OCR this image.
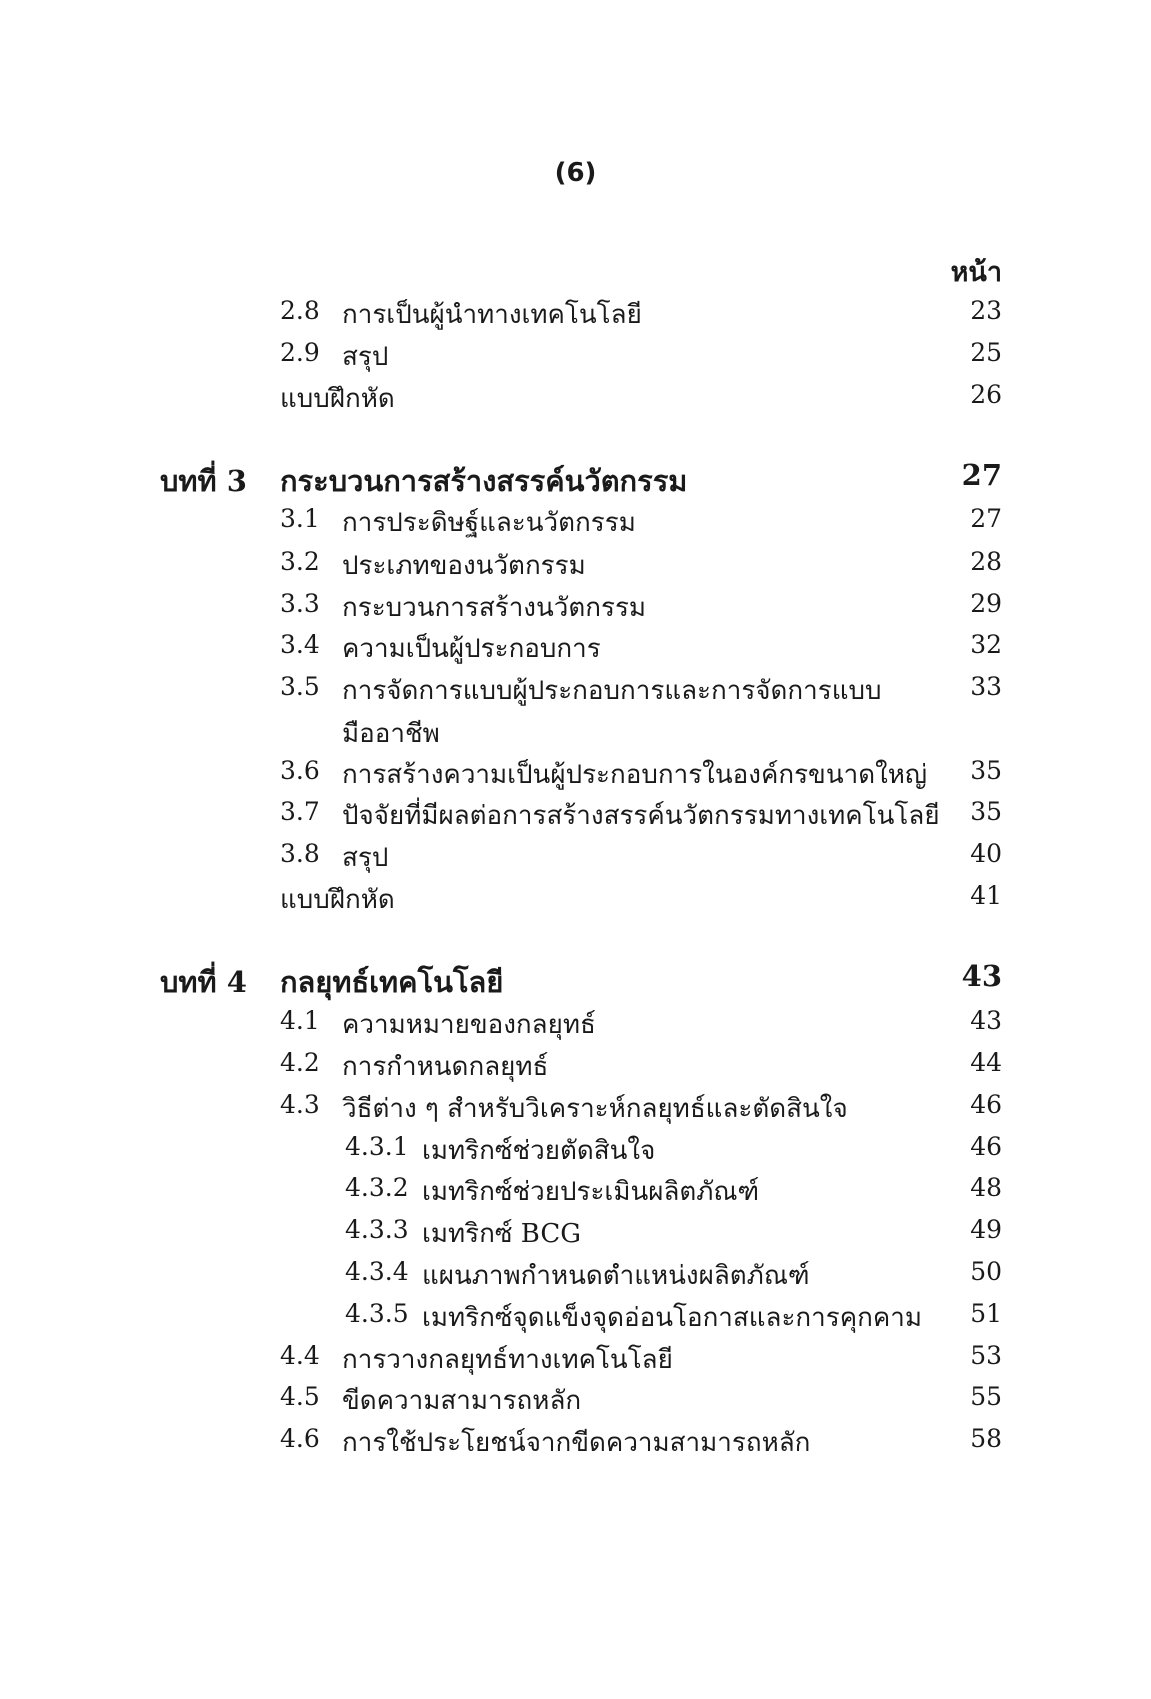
(6)
หน้า
2.8 การเป็นผู้นำทางเทคโนโลยี	23
2.9 สรุป	25
แบบฝึกหัด	26
บทที่ 3 กระบวนการสร้างสรรค์นวัตกรรม	27
3.1 การประดิษฐ์และนวัตกรรม	27
3.2 ประเภทของนวัตกรรม	28
3.3 กระบวนการสร้างนวัตกรรม	29
3.4 ความเป็นผู้ประกอบการ	32
3.5 การจัดการแบบผู้ประกอบการและการจัดการแบบ	33
มืออาชีพ
3.6 การสร้างความเป็นผู้ประกอบการในองค์กรขนาดใหญ่ 35
3.7 ปัจจัยที่มีผลต่อการสร้างสรรค์นวัตกรรมทางเทคโนโลยี 35
3.8 สรุป	40
แบบฝึกหัด	41
บทที่ 4 กลยุทธ์เทคโนโลยี	43
4.1 ความหมายของกลยุทธ์	43
4.2 การกำหนดกลยุทธ์	44
4.3 วิธีต่าง ๆ สำหรับวิเคราะห์กลยุทธ์และตัดสินใจ	46
4.3.1 เมทริกซ์ช่วยตัดสินใจ	46
4.3.2 เมทริกซ์ช่วยประเมินผลิตภัณฑ์	48
4.3.3 เมทริกซ์ BCG	49
4.3.4 แผนภาพกำหนดตำแหน่งผลิตภัณฑ์	50
4.3.5 เมทริกซ์จุดแข็งจุดอ่อนโอกาสและการคุกคาม 51
4.4 การวางกลยุทธ์ทางเทคโนโลยี	53
4.5 ขีดความสามารถหลัก	55
4.6 การใช้ประโยชน์จากขีดความสามารถหลัก	58
